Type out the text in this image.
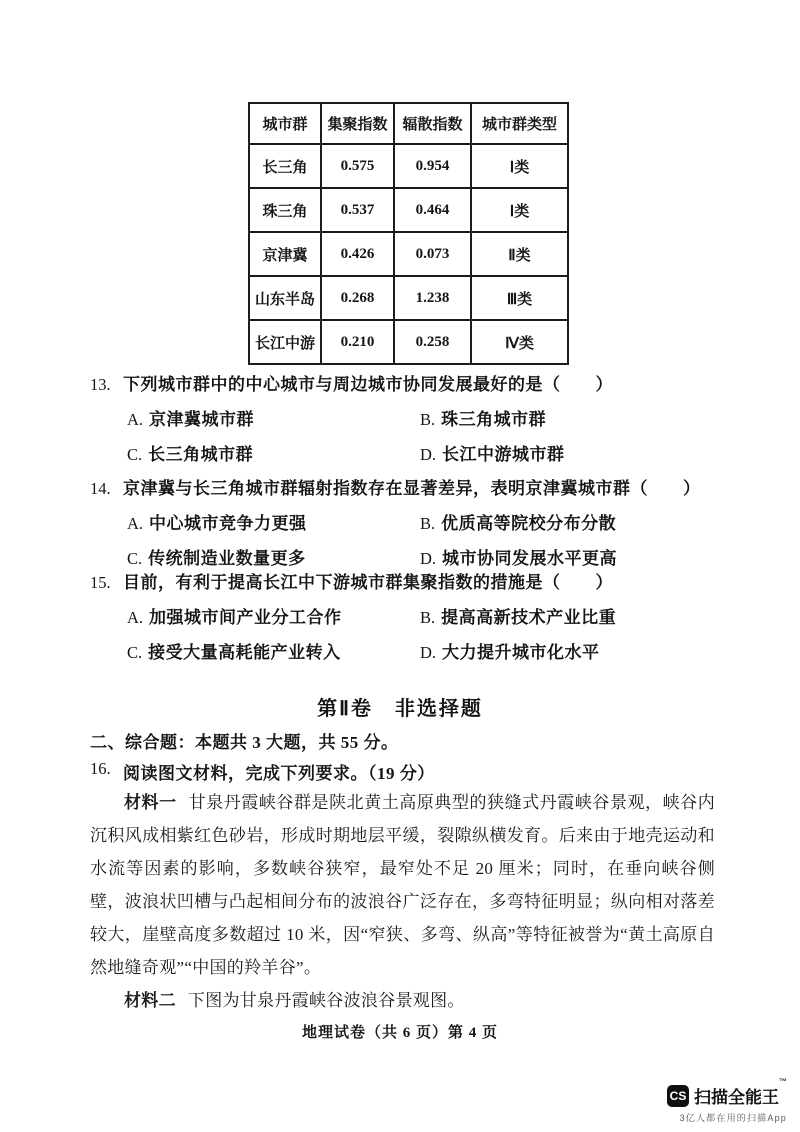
城市群	集聚指数	辐散指数	城市群类型
长三角	0.575	0.954	Ⅰ类
珠三角	0.537	0.464	Ⅰ类
京津冀	0.426	0.073	Ⅱ类
山东半岛	0.268	1.238	Ⅲ类
长江中游	0.210	0.258	Ⅳ类
13. 下列城市群中的中心城市与周边城市协同发展最好的是（　　）
A. 京津冀城市群	B. 珠三角城市群
C. 长三角城市群	D. 长江中游城市群
14. 京津冀与长三角城市群辐射指数存在显著差异，表明京津冀城市群（　　）
A. 中心城市竞争力更强	B. 优质高等院校分布分散
C. 传统制造业数量更多	D. 城市协同发展水平更高
15. 目前，有利于提高长江中下游城市群集聚指数的措施是（　　）
A. 加强城市间产业分工合作	B. 提高高新技术产业比重
C. 接受大量高耗能产业转入	D. 大力提升城市化水平
第Ⅱ卷　非选择题
二、综合题：本题共 3 大题，共 55 分。
16. 阅读图文材料，完成下列要求。（19 分）

材料一 甘泉丹霞峡谷群是陕北黄土高原典型的狭缝式丹霞峡谷景观，峡谷内沉积风成相紫红色砂岩，形成时期地层平缓，裂隙纵横发育。后来由于地壳运动和水流等因素的影响，多数峡谷狭窄，最窄处不足 20 厘米；同时，在垂向峡谷侧壁，波浪状凹槽与凸起相间分布的波浪谷广泛存在，多弯特征明显；纵向相对落差较大，崖壁高度多数超过 10 米，因“窄狭、多弯、纵高”等特征被誉为“黄土高原自然地缝奇观”“中国的羚羊谷”。

材料二 下图为甘泉丹霞峡谷波浪谷景观图。

地理试卷（共 6 页）第 4 页
CS 扫描全能王™
3亿人都在用的扫描App
